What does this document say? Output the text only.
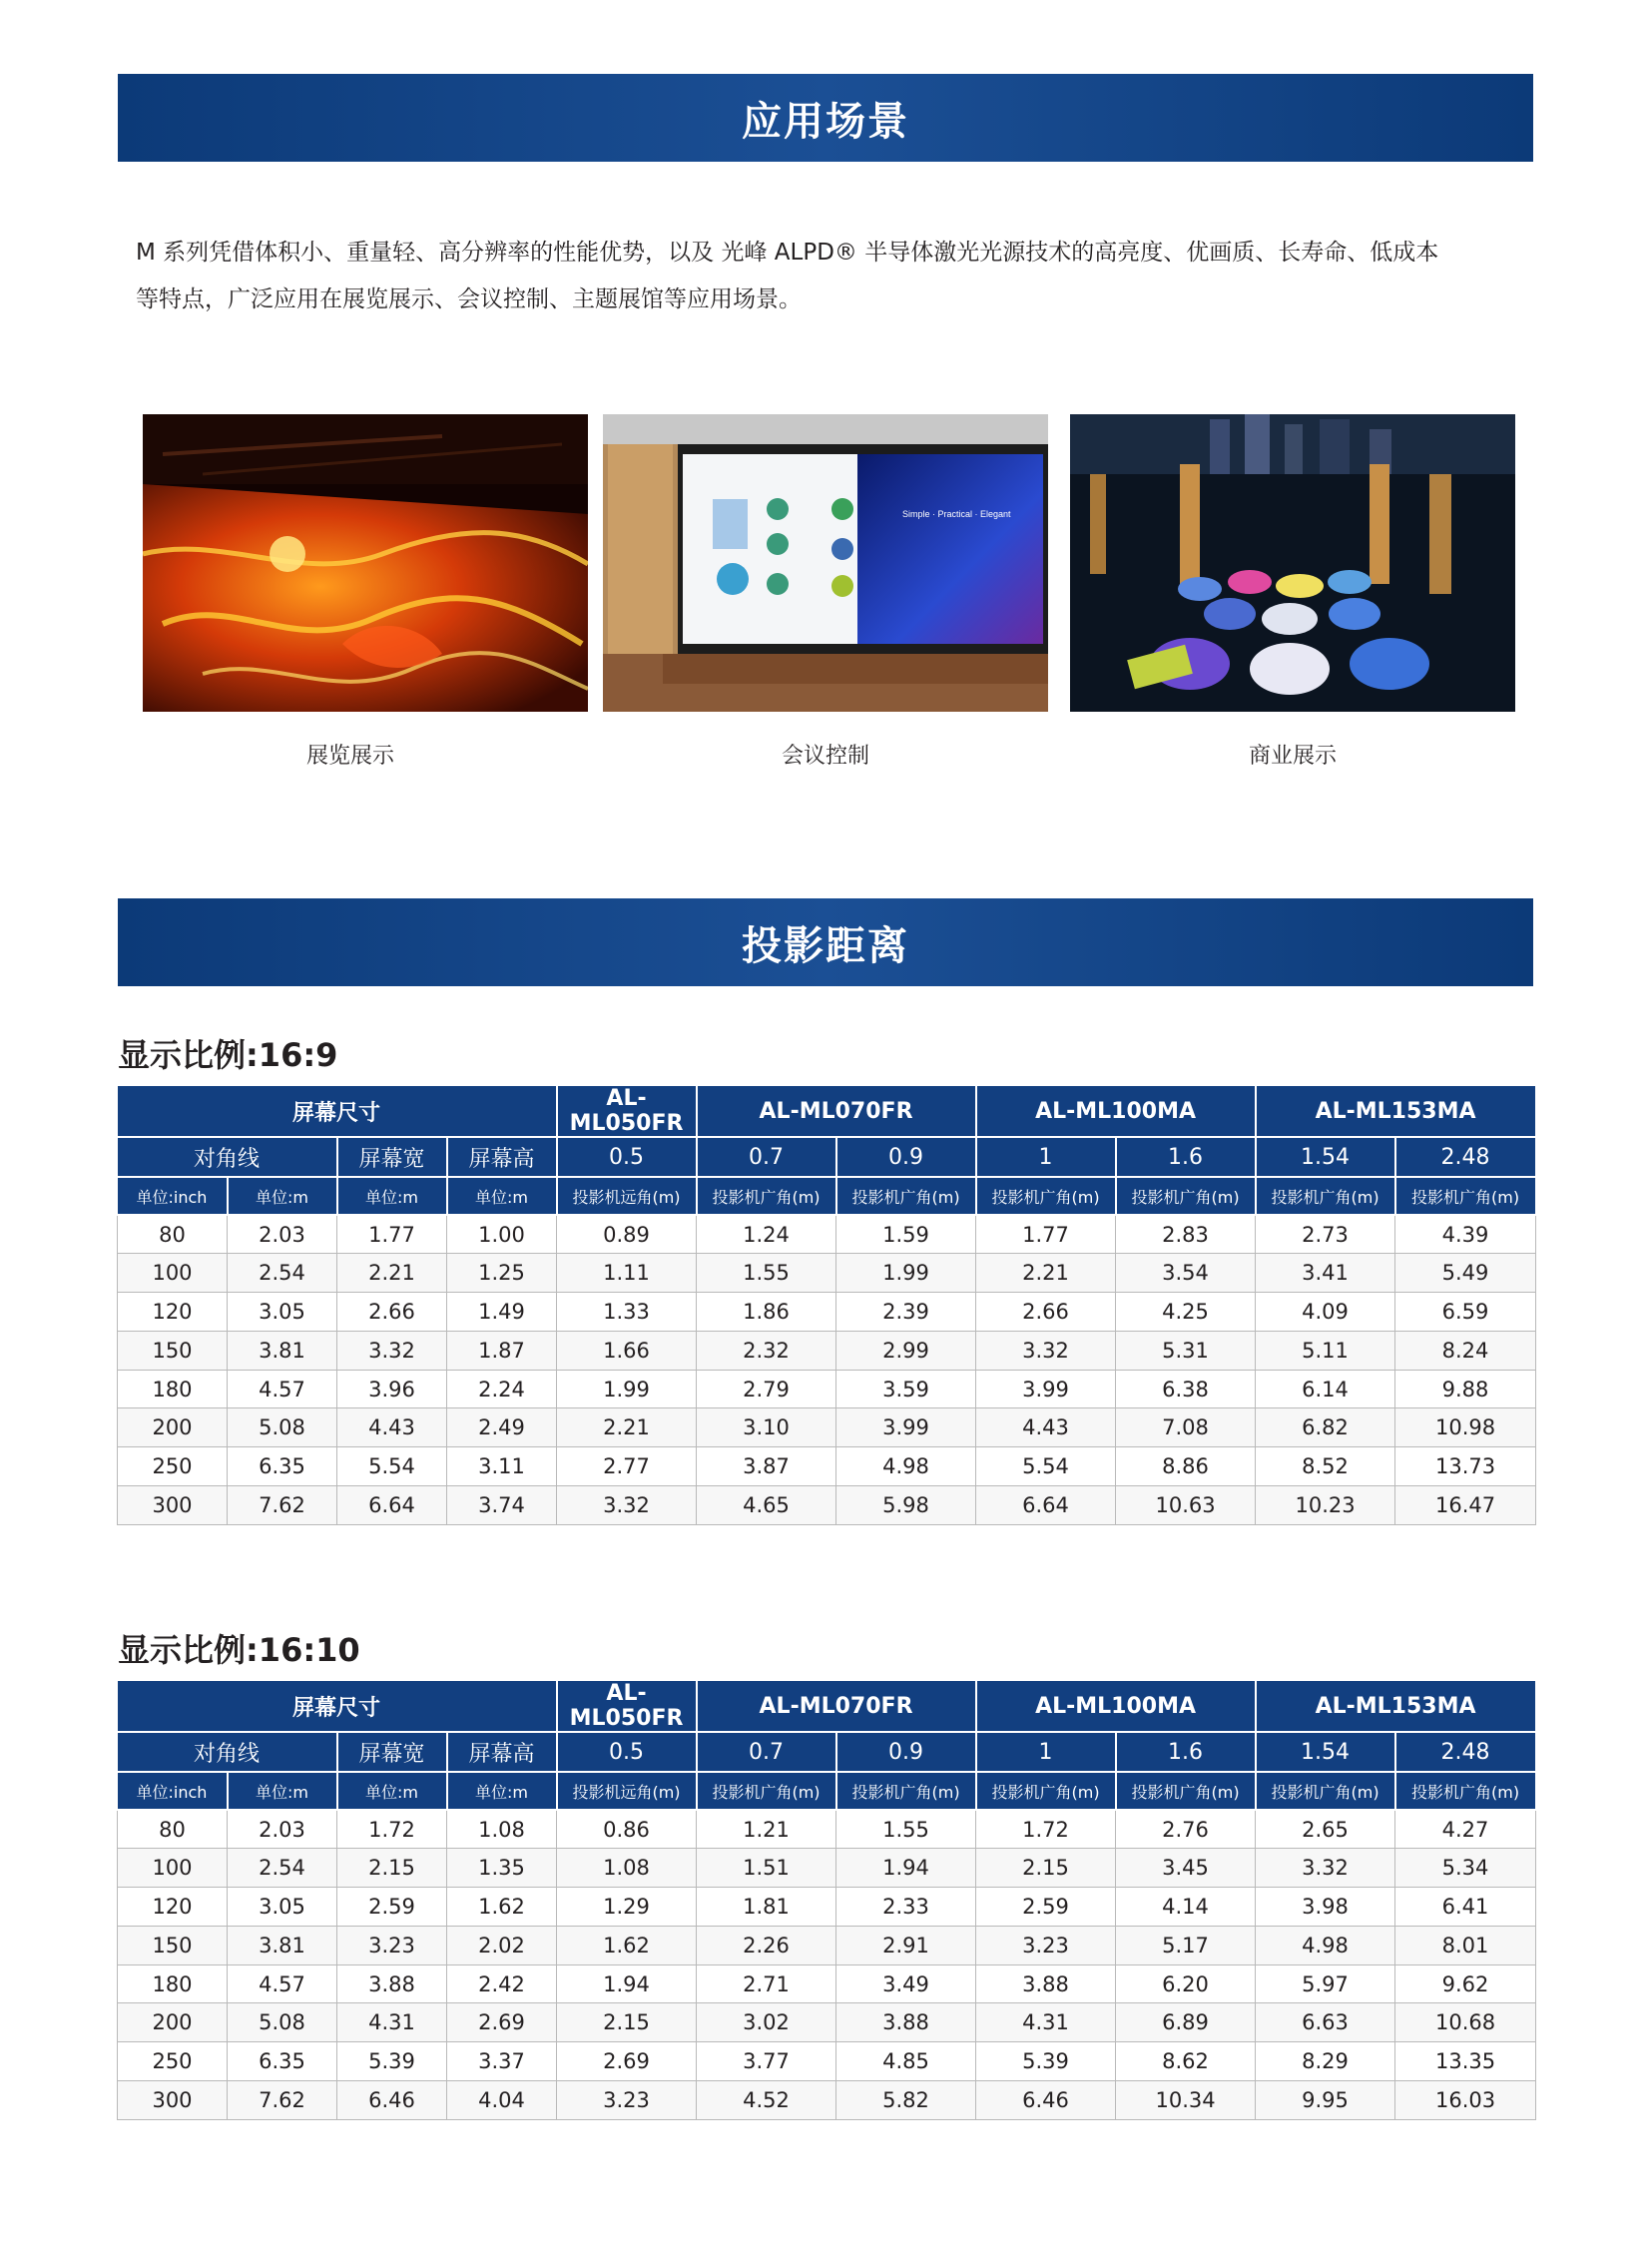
应用场景

M 系列凭借体积小、重量轻、高分辨率的性能优势，以及 光峰 ALPD® 半导体激光光源技术的高亮度、优画质、长寿命、低成本
等特点，广泛应用在展览展示、会议控制、主题展馆等应用场景。

展览展示
Simple · Practical · Elegant
会议控制	商业展示
投影距离
显示比例:16:9
屏幕尺寸				AL-ML050FR	AL-ML070FR		AL-ML100MA		AL-ML153MA	
对角线		屏幕宽	屏幕高	0.5	0.7	0.9	1	1.6	1.54	2.48
单位:inch	单位:m	单位:m	单位:m	投影机远角(m)	投影机广角(m)	投影机广角(m)	投影机广角(m)	投影机广角(m)	投影机广角(m)	投影机广角(m)
80	2.03	1.77	1.00	0.89	1.24	1.59	1.77	2.83	2.73	4.39
100	2.54	2.21	1.25	1.11	1.55	1.99	2.21	3.54	3.41	5.49
120	3.05	2.66	1.49	1.33	1.86	2.39	2.66	4.25	4.09	6.59
150	3.81	3.32	1.87	1.66	2.32	2.99	3.32	5.31	5.11	8.24
180	4.57	3.96	2.24	1.99	2.79	3.59	3.99	6.38	6.14	9.88
200	5.08	4.43	2.49	2.21	3.10	3.99	4.43	7.08	6.82	10.98
250	6.35	5.54	3.11	2.77	3.87	4.98	5.54	8.86	8.52	13.73
300	7.62	6.64	3.74	3.32	4.65	5.98	6.64	10.63	10.23	16.47
显示比例:16:10
屏幕尺寸				AL-ML050FR	AL-ML070FR		AL-ML100MA		AL-ML153MA	
对角线		屏幕宽	屏幕高	0.5	0.7	0.9	1	1.6	1.54	2.48
单位:inch	单位:m	单位:m	单位:m	投影机远角(m)	投影机广角(m)	投影机广角(m)	投影机广角(m)	投影机广角(m)	投影机广角(m)	投影机广角(m)
80	2.03	1.72	1.08	0.86	1.21	1.55	1.72	2.76	2.65	4.27
100	2.54	2.15	1.35	1.08	1.51	1.94	2.15	3.45	3.32	5.34
120	3.05	2.59	1.62	1.29	1.81	2.33	2.59	4.14	3.98	6.41
150	3.81	3.23	2.02	1.62	2.26	2.91	3.23	5.17	4.98	8.01
180	4.57	3.88	2.42	1.94	2.71	3.49	3.88	6.20	5.97	9.62
200	5.08	4.31	2.69	2.15	3.02	3.88	4.31	6.89	6.63	10.68
250	6.35	5.39	3.37	2.69	3.77	4.85	5.39	8.62	8.29	13.35
300	7.62	6.46	4.04	3.23	4.52	5.82	6.46	10.34	9.95	16.03
